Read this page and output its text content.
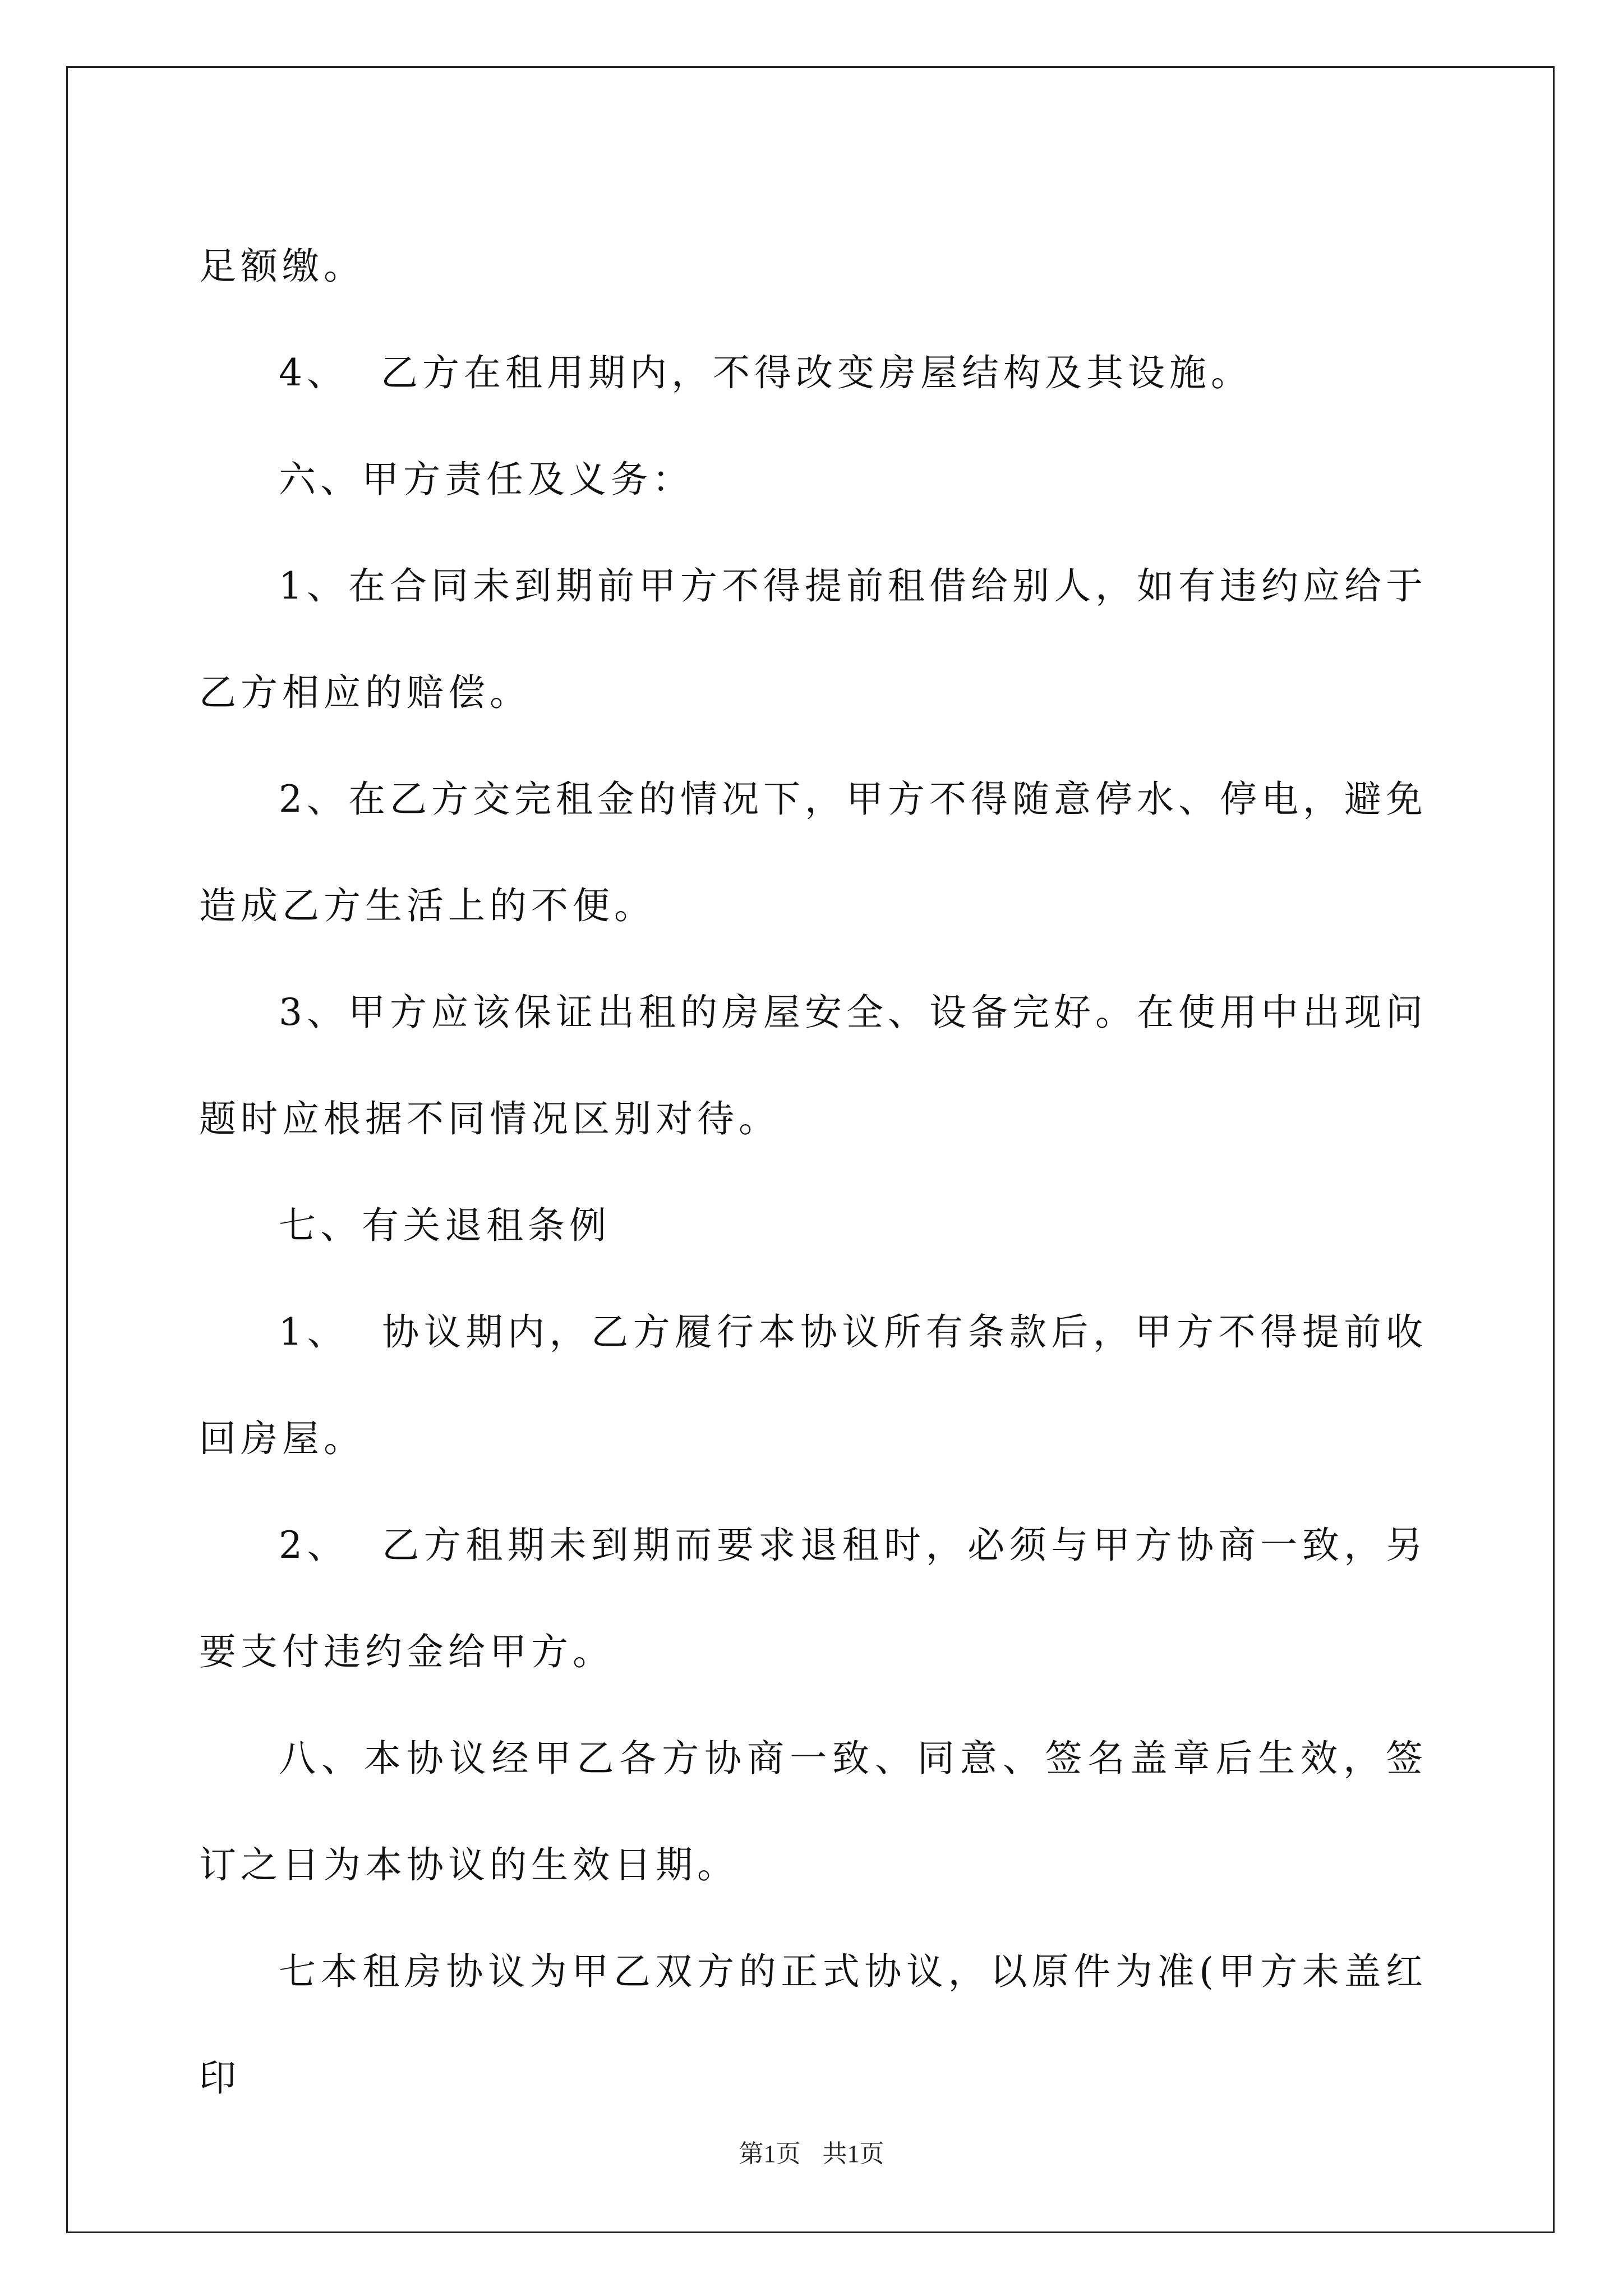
足额缴。

4、  乙方在租用期内，不得改变房屋结构及其设施。

六、甲方责任及义务：

1、在合同未到期前甲方不得提前租借给别人，如有违约应给于乙方相应的赔偿。

2、在乙方交完租金的情况下，甲方不得随意停水、停电，避免造成乙方生活上的不便。

3、甲方应该保证出租的房屋安全、设备完好。在使用中出现问题时应根据不同情况区别对待。

七、有关退租条例

1、  协议期内，乙方履行本协议所有条款后，甲方不得提前收回房屋。

2、  乙方租期未到期而要求退租时，必须与甲方协商一致，另要支付违约金给甲方。

八、本协议经甲乙各方协商一致、同意、签名盖章后生效，签订之日为本协议的生效日期。

七本租房协议为甲乙双方的正式协议，以原件为准(甲方未盖红印

第1页 共1页
